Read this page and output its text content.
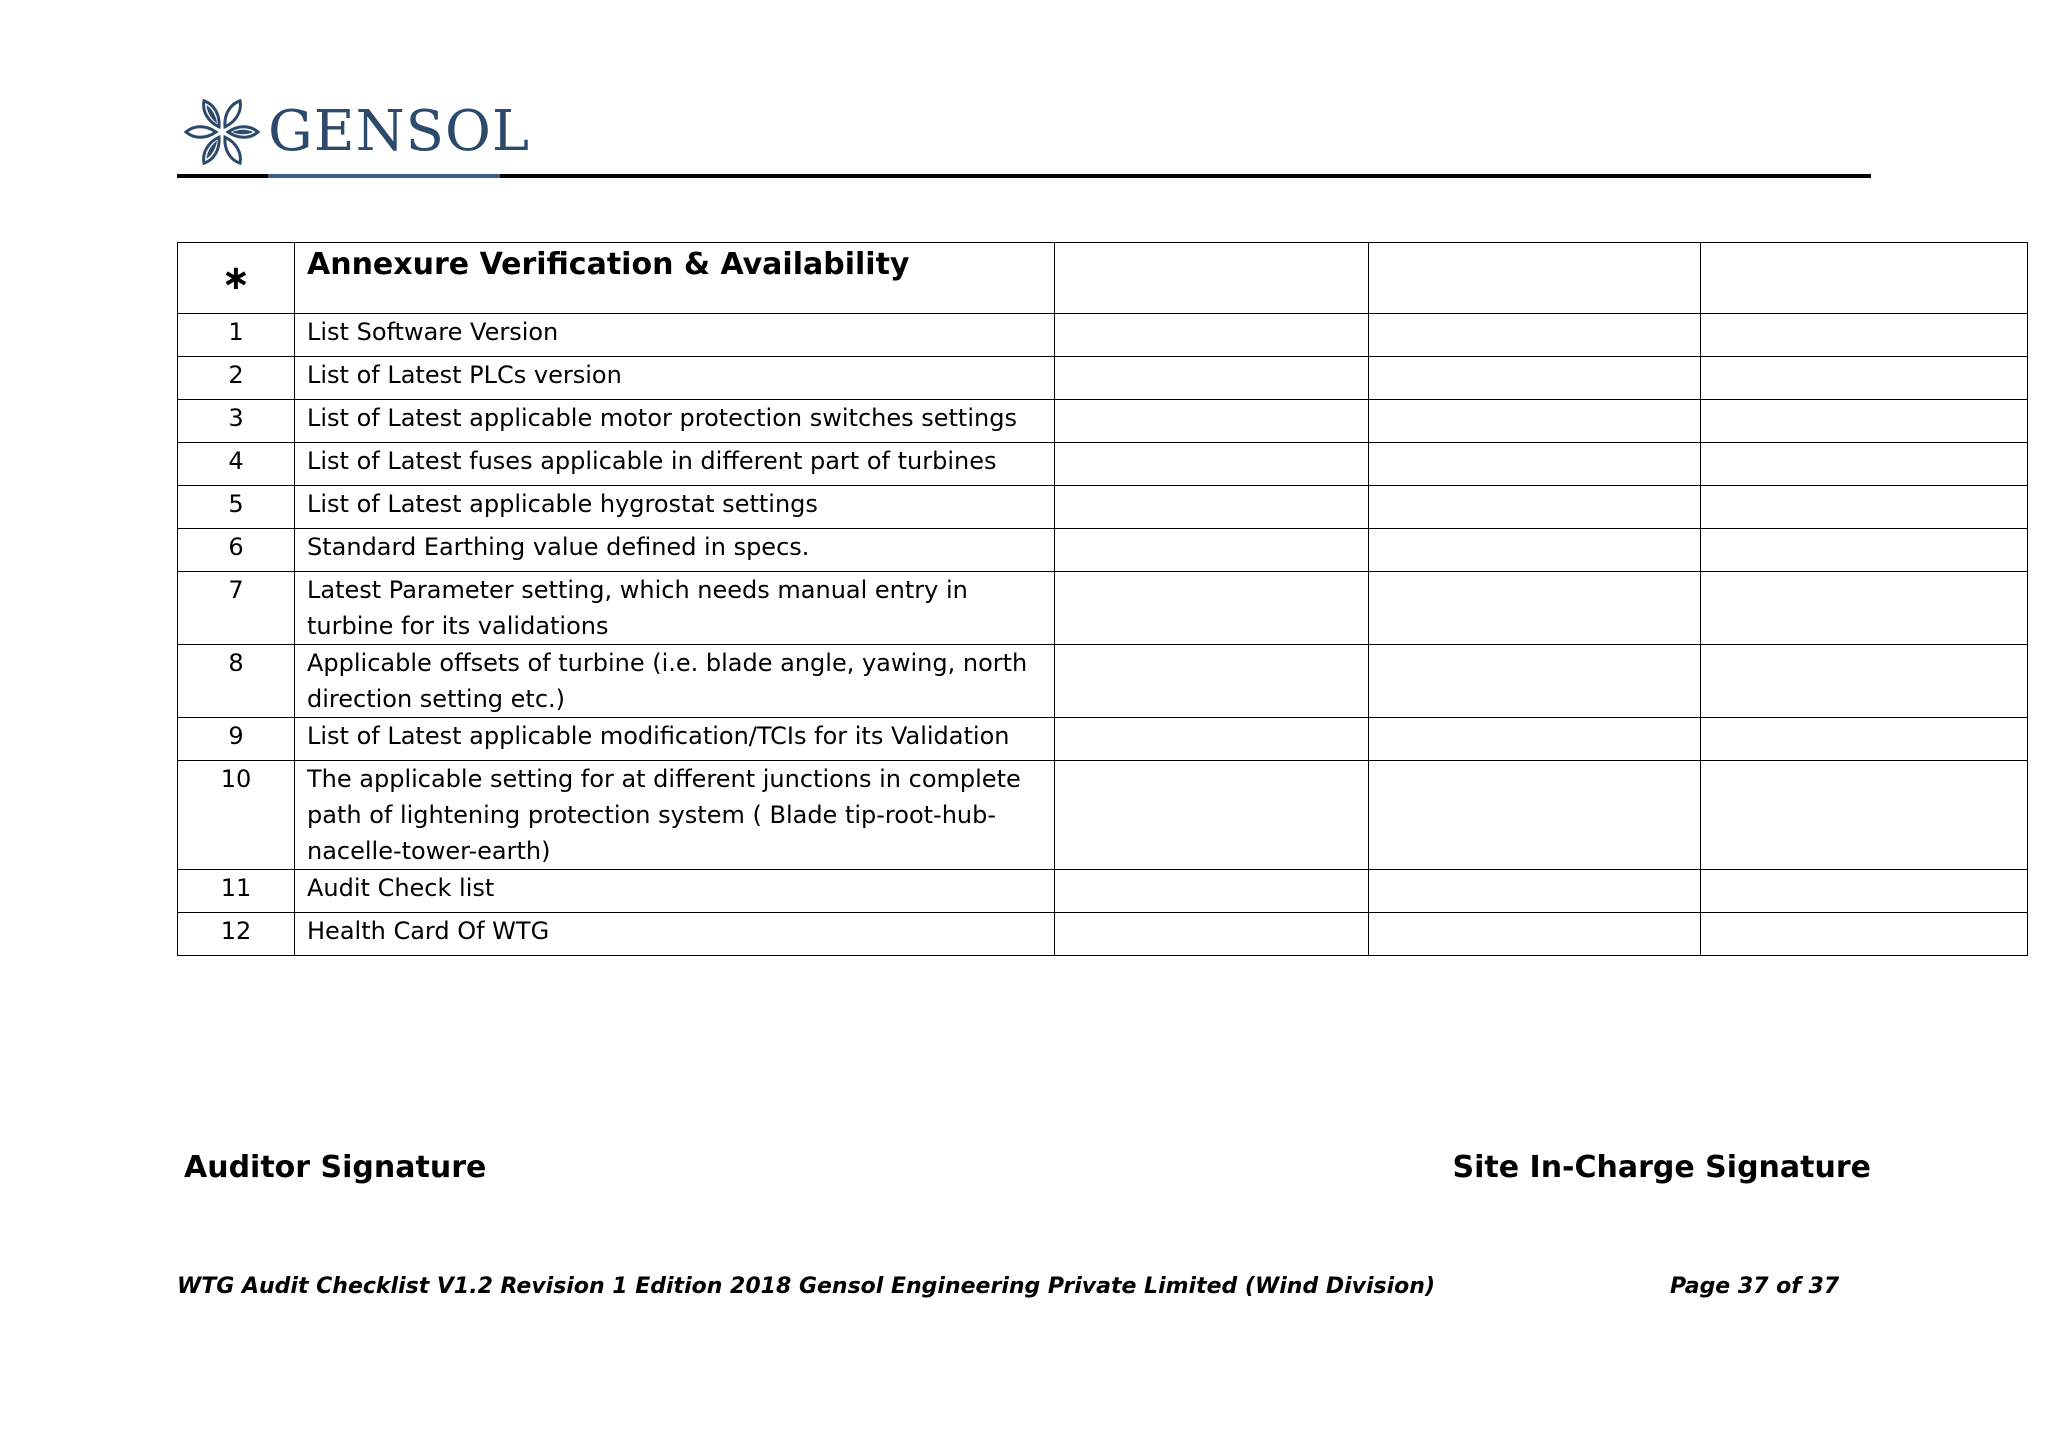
GENSOL
∗	Annexure Verification & Availability			
1	List Software Version			
2	List of Latest PLCs version			
3	List of Latest applicable motor protection switches settings			
4	List of Latest fuses applicable in different part of turbines			
5	List of Latest applicable hygrostat settings			
6	Standard Earthing value defined in specs.			
7	Latest Parameter setting, which needs manual entry in turbine for its validations			
8	Applicable offsets of turbine (i.e. blade angle, yawing, north direction setting etc.)			
9	List of Latest applicable modification/TCIs for its Validation			
10	The applicable setting for at different junctions in complete path of lightening protection system ( Blade tip-root-hub-nacelle-tower-earth)			
11	Audit Check list			
12	Health Card Of WTG			
Auditor Signature	Site In-Charge Signature
WTG Audit Checklist V1.2 Revision 1 Edition 2018 Gensol Engineering Private Limited (Wind Division)	Page 37 of 37
